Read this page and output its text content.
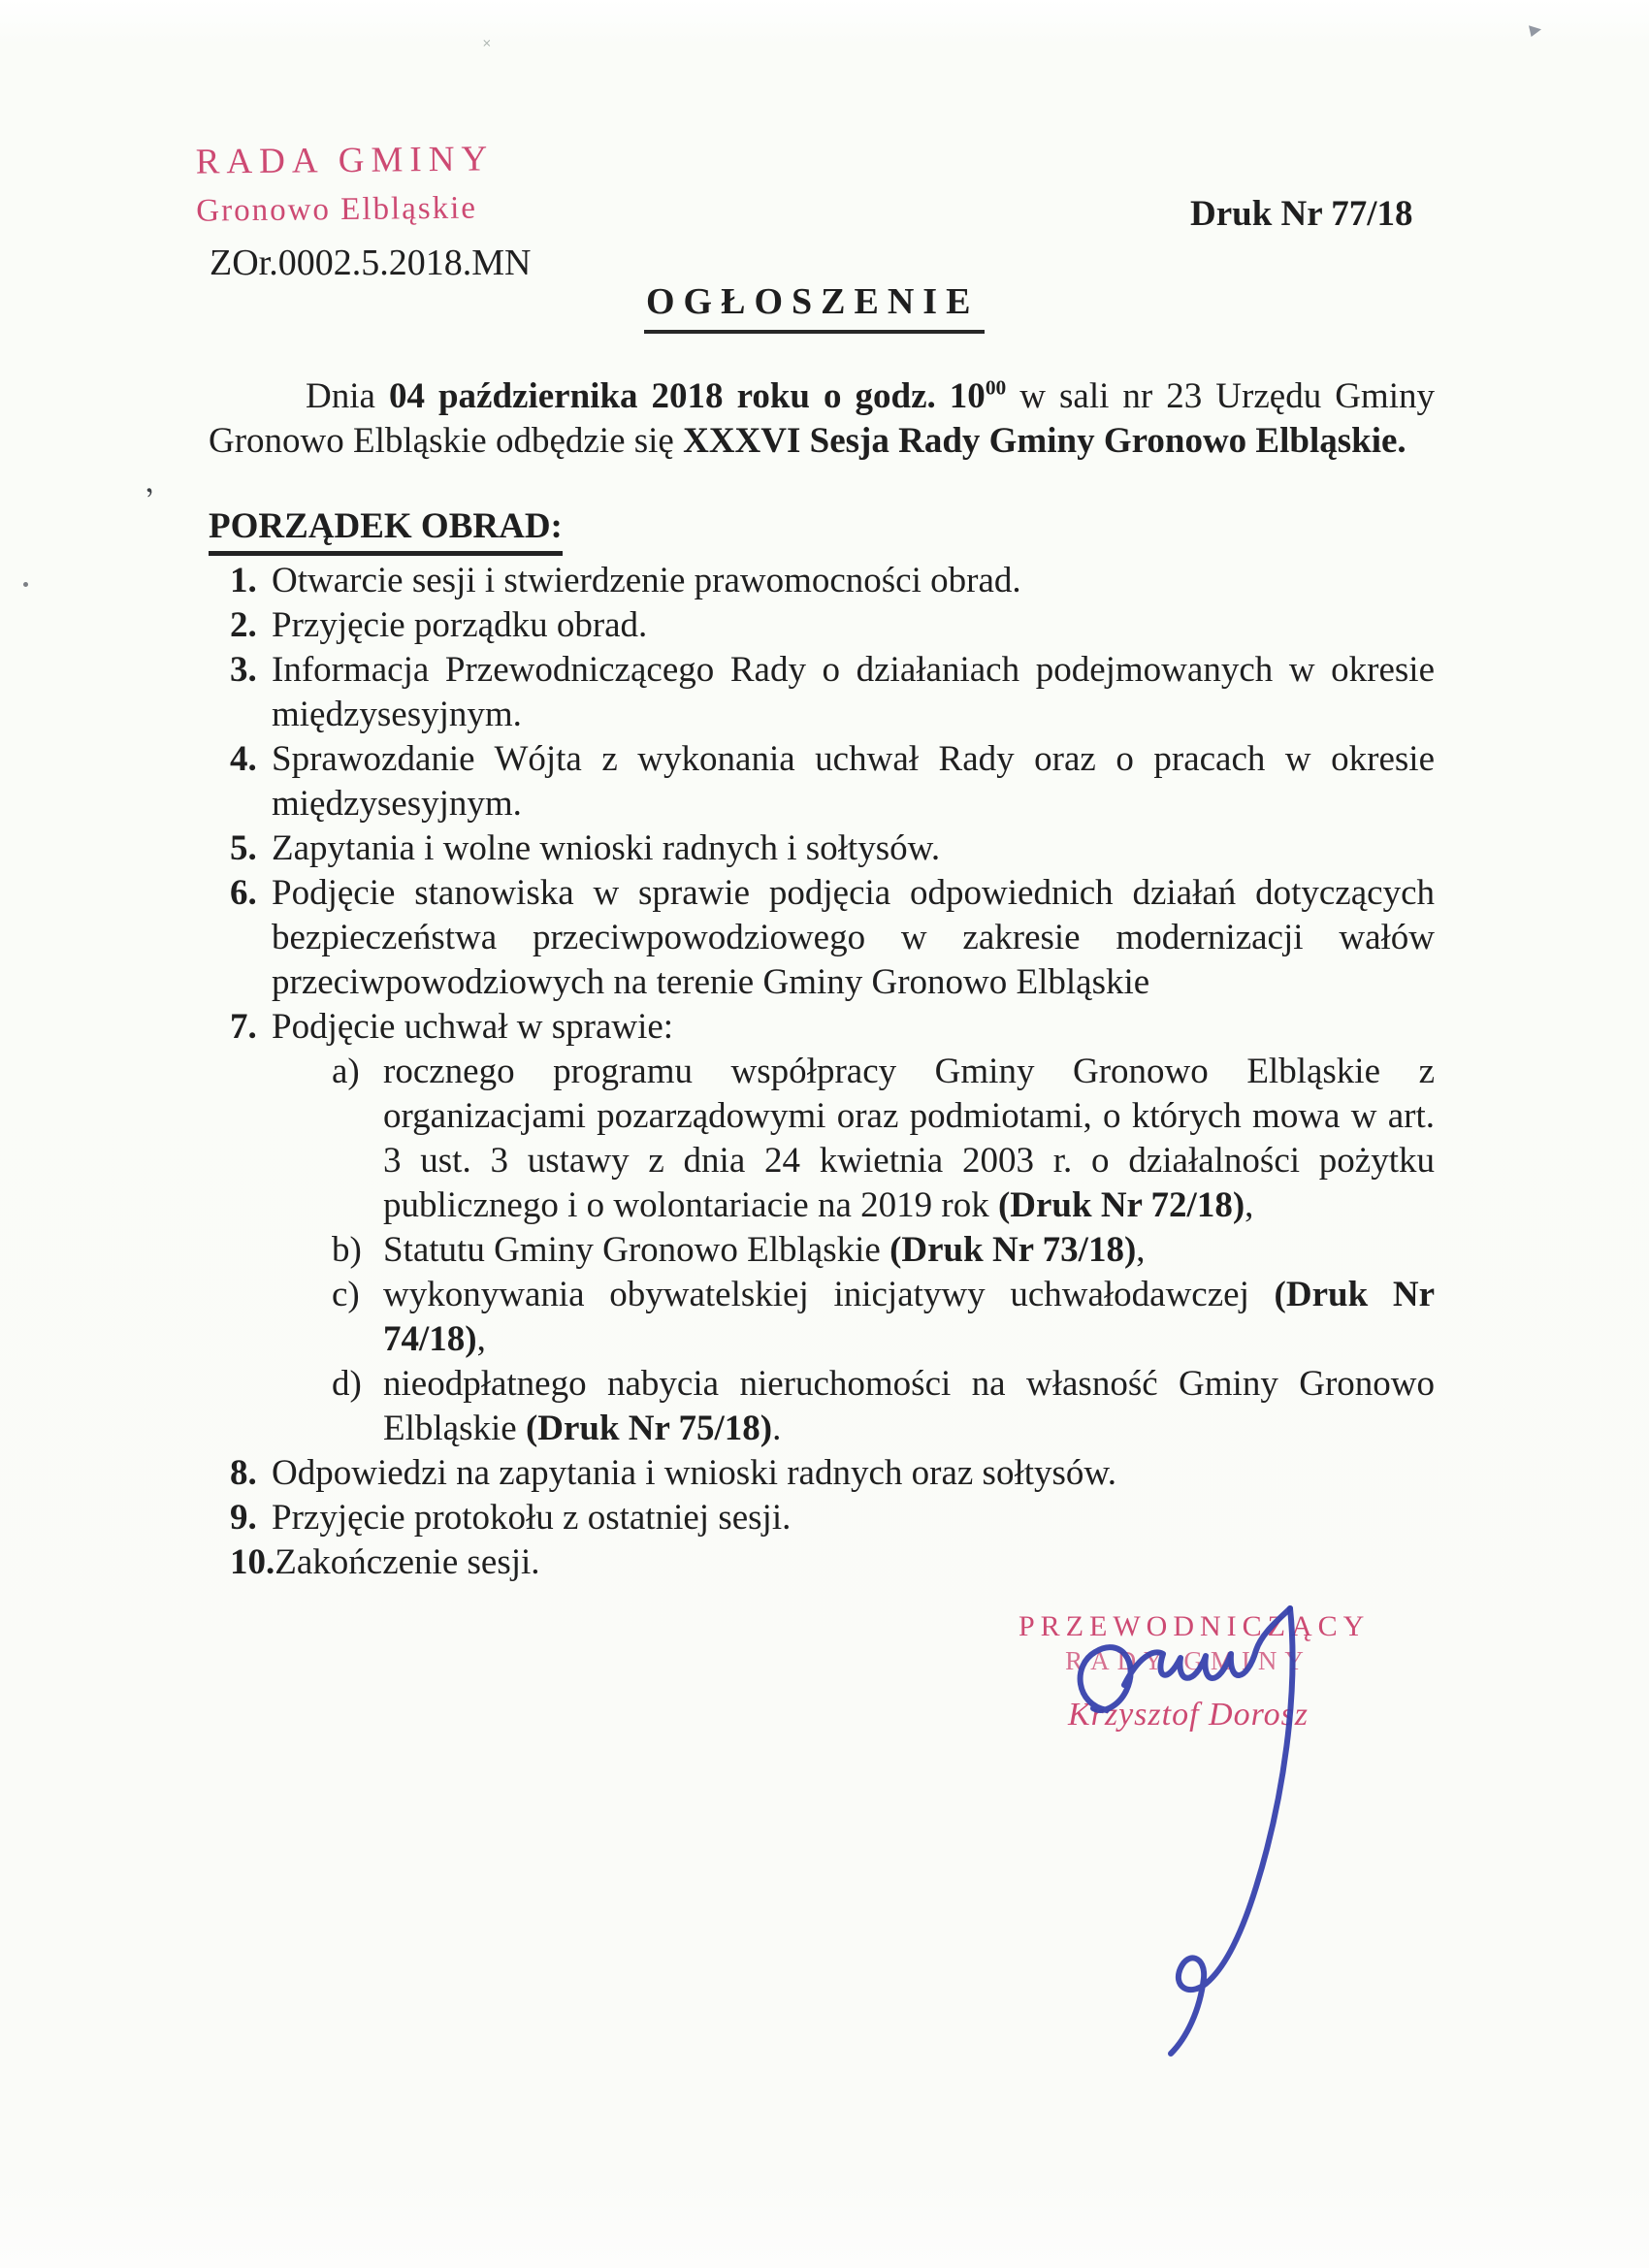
RADA GMINY
Gronowo Elbląskie
ZOr.0002.5.2018.MN
Druk Nr 77/18
OGŁOSZENIE

Dnia 04 października 2018 roku o godz. $10^{00}$ w sali nr 23 Urzędu Gminy Gronowo Elbląskie odbędzie się XXXVI Sesja Rady Gminy Gronowo Elbląskie.

PORZĄDEK OBRAD:
1. Otwarcie sesji i stwierdzenie prawomocności obrad.
2. Przyjęcie porządku obrad.
3. Informacja Przewodniczącego Rady o działaniach podejmowanych w okresie międzysesyjnym.
4. Sprawozdanie Wójta z wykonania uchwał Rady oraz o pracach w okresie międzysesyjnym.
5. Zapytania i wolne wnioski radnych i sołtysów.
6. Podjęcie stanowiska w sprawie podjęcia odpowiednich działań dotyczących bezpieczeństwa przeciwpowodziowego w zakresie modernizacji wałów przeciwpowodziowych na terenie Gminy Gronowo Elbląskie
7. Podjęcie uchwał w sprawie:
a) rocznego programu współpracy Gminy Gronowo Elbląskie z organizacjami pozarządowymi oraz podmiotami, o których mowa w art. 3 ust. 3 ustawy z dnia 24 kwietnia 2003 r. o działalności pożytku publicznego i o wolontariacie na 2019 rok (Druk Nr 72/18),
b) Statutu Gminy Gronowo Elbląskie (Druk Nr 73/18),
c) wykonywania obywatelskiej inicjatywy uchwałodawczej (Druk Nr 74/18),
d) nieodpłatnego nabycia nieruchomości na własność Gminy Gronowo Elbląskie (Druk Nr 75/18).
8. Odpowiedzi na zapytania i wnioski radnych oraz sołtysów.
9. Przyjęcie protokołu z ostatniej sesji.
10.Zakończenie sesji.
PRZEWODNICZĄCY
RADY GMINY
Krzysztof Dorosz
‚
˟
